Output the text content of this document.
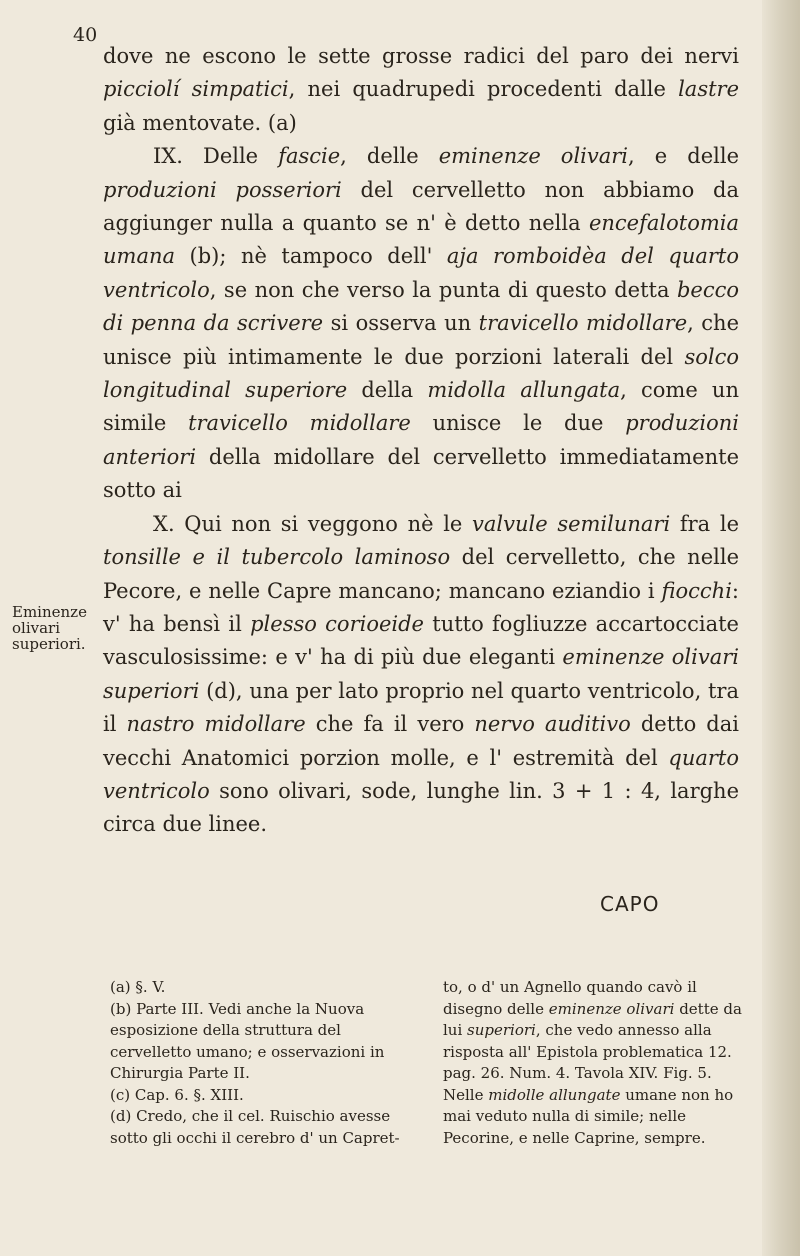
40

dove ne escono le sette grosse radici del paro dei nervi picciolí simpatici, nei quadrupedi procedenti dalle lastre già mentovate. (a)

IX. Delle fascie, delle eminenze olivari, e delle produzioni posseriori del cervelletto non abbiamo da aggiunger nulla a quanto se n' è detto nella encefalotomia umana (b); nè tampoco dell' aja romboidèa del quarto ventricolo, se non che verso la punta di questo detta becco di penna da scrivere si osserva un travicello midollare, che unisce più intimamente le due porzioni laterali del solco longitudinal superiore della midolla allungata, come un simile travicello midollare unisce le due produzioni anteriori della midollare del cervelletto immediatamente sotto ai

X. Qui non si veggono nè le valvule semilunari fra le tonsille e il tubercolo laminoso del cervelletto, che nelle Pecore, e nelle Capre mancano; mancano eziandio i fiocchi: v' ha bensì il plesso corioeide tutto fogliuzze accartocciate vasculosissime: e v' ha di più due eleganti eminenze olivari superiori (d), una per lato proprio nel quarto ventricolo, tra il nastro midollare che fa il vero nervo auditivo detto dai vecchi Anatomici porzion molle, e l' estremità del quarto ventricolo sono olivari, sode, lunghe lin. 3 + 1 : 4, larghe circa due linee.

Eminenze olivari superiori.
CAPO

(a) §. V.

(b) Parte III. Vedi anche la Nuova esposizione della struttura del cervelletto umano; e osservazioni in Chirurgia Parte II.

(c) Cap. 6. §. XIII.

(d) Credo, che il cel. Ruischio avesse sotto gli occhi il cerebro d' un Capret-

to, o d' un Agnello quando cavò il disegno delle eminenze olivari dette da lui superiori, che vedo annesso alla risposta all' Epistola problematica 12. pag. 26. Num. 4. Tavola XIV. Fig. 5. Nelle midolle allungate umane non ho mai veduto nulla di simile; nelle Pecorine, e nelle Caprine, sempre.
